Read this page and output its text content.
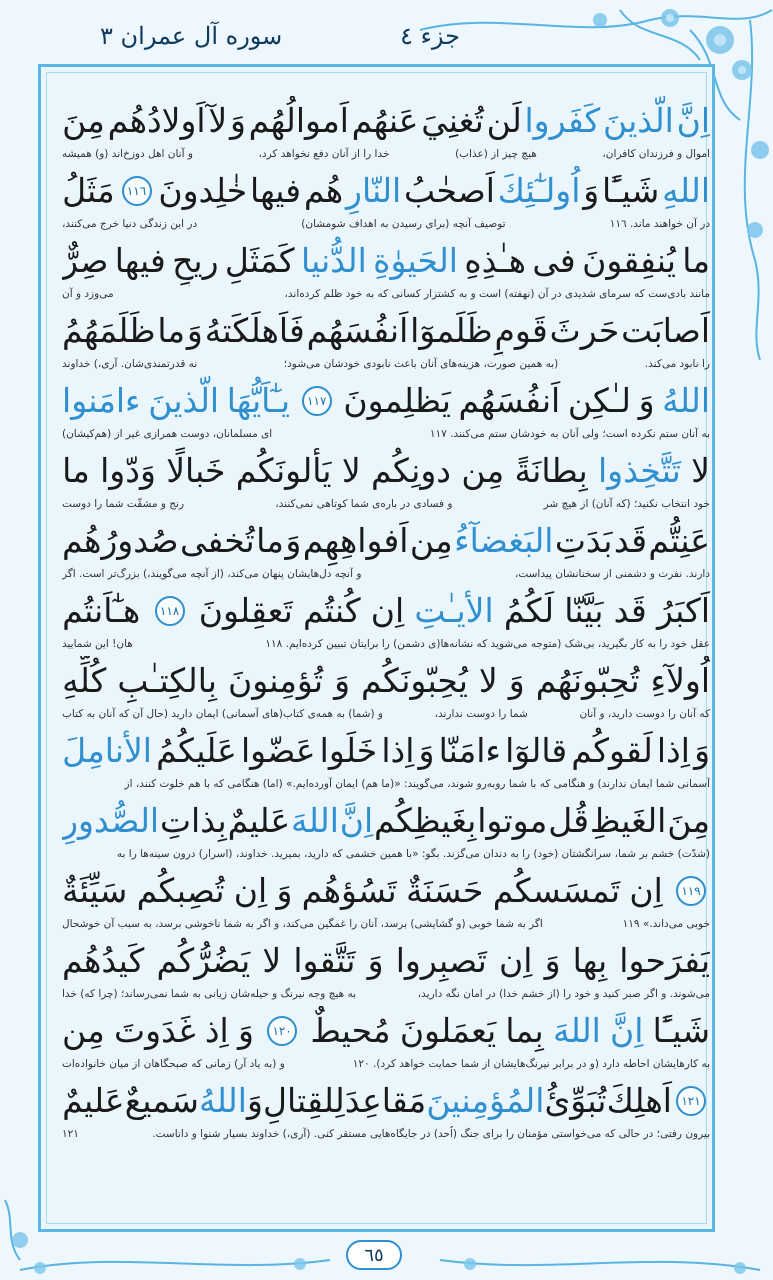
جزء ٤
سوره آل عمران ٣
اِنَّ
الَّذينَ
كَفَروا
لَن
تُغنِيَ
عَنهُم
اَموالُهُم
وَ
لآ
اَولادُهُم
مِنَ
اموال و فرزندان کافران،
هیچ چیز از (عذاب)
خدا را از آنان دفع نخواهد کرد،
و آنان اهل دوزخ‌اند (و) همیشه
اللهِ
شَيـًٔا
وَ
اُولـٰٓئِكَ
اَصحٰبُ
النّارِ
هُم
فيها
خٰلِدونَ
١١٦
مَثَلُ
در آن خواهند ماند. ١١٦
توصيف آنچه (برای رسیدن به اهداف شومشان)
در این زندگی دنیا خرج می‌کنند،
ما
يُنفِقونَ
فى
هـٰذِهِ
الحَيوٰةِ
الدُّنيا
كَمَثَلِ
ريحٍ
فيها
صِرٌّ
مانند بادی‌ست که سرمای شدیدی در آن (نهفته) است و به کشتزار کسانی که به خود ظلم کرده‌اند،
می‌وزد و آن
اَصابَت
حَرثَ
قَومٍ
ظَلَموٓا
اَنفُسَهُم
فَاَهلَكَتهُ
وَ
ما
ظَلَمَهُمُ
را نابود می‌کند.
(به همین صورت، هزینه‌های آنان باعث نابودی خودشان می‌شود؛
نه قدرتمندی‌شان. آری،) خداوند
اللهُ
وَ
لـٰكِن
اَنفُسَهُم
يَظلِمونَ
١١٧
يـٰٓاَيُّهَا
الَّذينَ
ءامَنوا
به آنان ستم نکرده است؛ ولی آنان به خودشان ستم می‌کنند. ١١٧
ای مسلمانان، دوست همرازی غیر از (هم‌کیشان)
لا
تَتَّخِذوا
بِطانَةً
مِن
دونِكُم
لا
يَألونَكُم
خَبالًا
وَدّوا
ما
خود انتخاب نکنید؛ (که آنان) از هیچ شر
و فسادی در باره‌ی شما کوتاهی نمی‌کنند،
رنج و مشقّت شما را دوست
عَنِتُّم
قَد
بَدَتِ
البَغضآءُ
مِن
اَفواهِهِم
وَ
ما
تُخفى
صُدورُهُم
دارند. نفرت و دشمنی از سخنانشان پیداست،
و آنچه دل‌هایشان پنهان می‌کند، (از آنچه می‌گویند،) بزرگ‌تر است. اگر
اَكبَرُ
قَد
بَيَّنّا
لَكُمُ
الأيـٰتِ
اِن
كُنتُم
تَعقِلونَ
١١٨
هـٰٓاَنتُم
عقل خود را به کار بگیرید، بی‌شک (متوجه می‌شوید که نشانه‌ها(ی دشمن) را برایتان تبیین کرده‌ایم. ١١٨
هان! این شمایید
اُولآءِ
تُحِبّونَهُم
وَ
لا
يُحِبّونَكُم
وَ
تُؤمِنونَ
بِالكِتـٰبِ
كُلِّهِ
که آنان را دوست دارید، و آنان
شما را دوست ندارند،
و (شما) به همه‌ی کتاب(های آسمانی) ایمان دارید (حال آن که آنان به کتاب
وَ
اِذا
لَقوكُم
قالوٓا
ءامَنّا
وَ
اِذا
خَلَوا
عَضّوا
عَلَيكُمُ
الأنامِلَ
آسمانی شما ایمان ندارند) و هنگامی که با شما روبه‌رو شوند، می‌گویند: «(ما هم) ایمان آورده‌ایم.» (اما) هنگامی که با هم خلوت کنند، از
مِنَ
الغَيظِ
قُل
موتوا
بِغَيظِكُم
اِنَّ
اللهَ
عَليمٌ
بِذاتِ
الصُّدورِ
(شدّت) خشم بر شما، سرانگشتان (خود) را به دندان می‌گزند. بگو: «با همین خشمی که دارید، بمیرید. خداوند، (اسرار) درون سینه‌ها را به
١١٩
اِن
تَمسَسكُم
حَسَنَةٌ
تَسُؤهُم
وَ
اِن
تُصِبكُم
سَيِّئَةٌ
خوبی می‌داند.» ١١٩
اگر به شما خوبی (و گشایشی) برسد، آنان را غمگین می‌کند، و اگر به شما ناخوشی برسد، به سبب آن خوشحال
يَفرَحوا
بِها
وَ
اِن
تَصبِروا
وَ
تَتَّقوا
لا
يَضُرُّكُم
كَيدُهُم
می‌شوند. و اگر صبر کنید و خود را (از خشم خدا) در امان نگه دارید،
به هیچ وجه نیرنگ و حیله‌شان زیانی به شما نمی‌رساند؛ (چرا که) خدا
شَيـًٔا
اِنَّ
اللهَ
بِما
يَعمَلونَ
مُحيطٌ
١٢٠
وَ
اِذ
غَدَوتَ
مِن
به کارهایشان احاطه دارد (و در برابر نیرنگ‌هایشان از شما حمایت خواهد کرد). ١٢٠
و (به یاد آر) زمانی که صبحگاهان از میان خانواده‌ات
١٢١
اَهلِكَ
تُبَوِّئُ
المُؤمِنينَ
مَقاعِدَ
لِلقِتالِ
وَ
اللهُ
سَميعٌ
عَليمٌ
بیرون رفتی؛ در حالی که می‌خواستی مؤمنان را برای جنگ (اُحد) در جایگاه‌هایی مستقر کنی. (آری،) خداوند بسیار شنوا و داناست.
١٢١
٦٥
